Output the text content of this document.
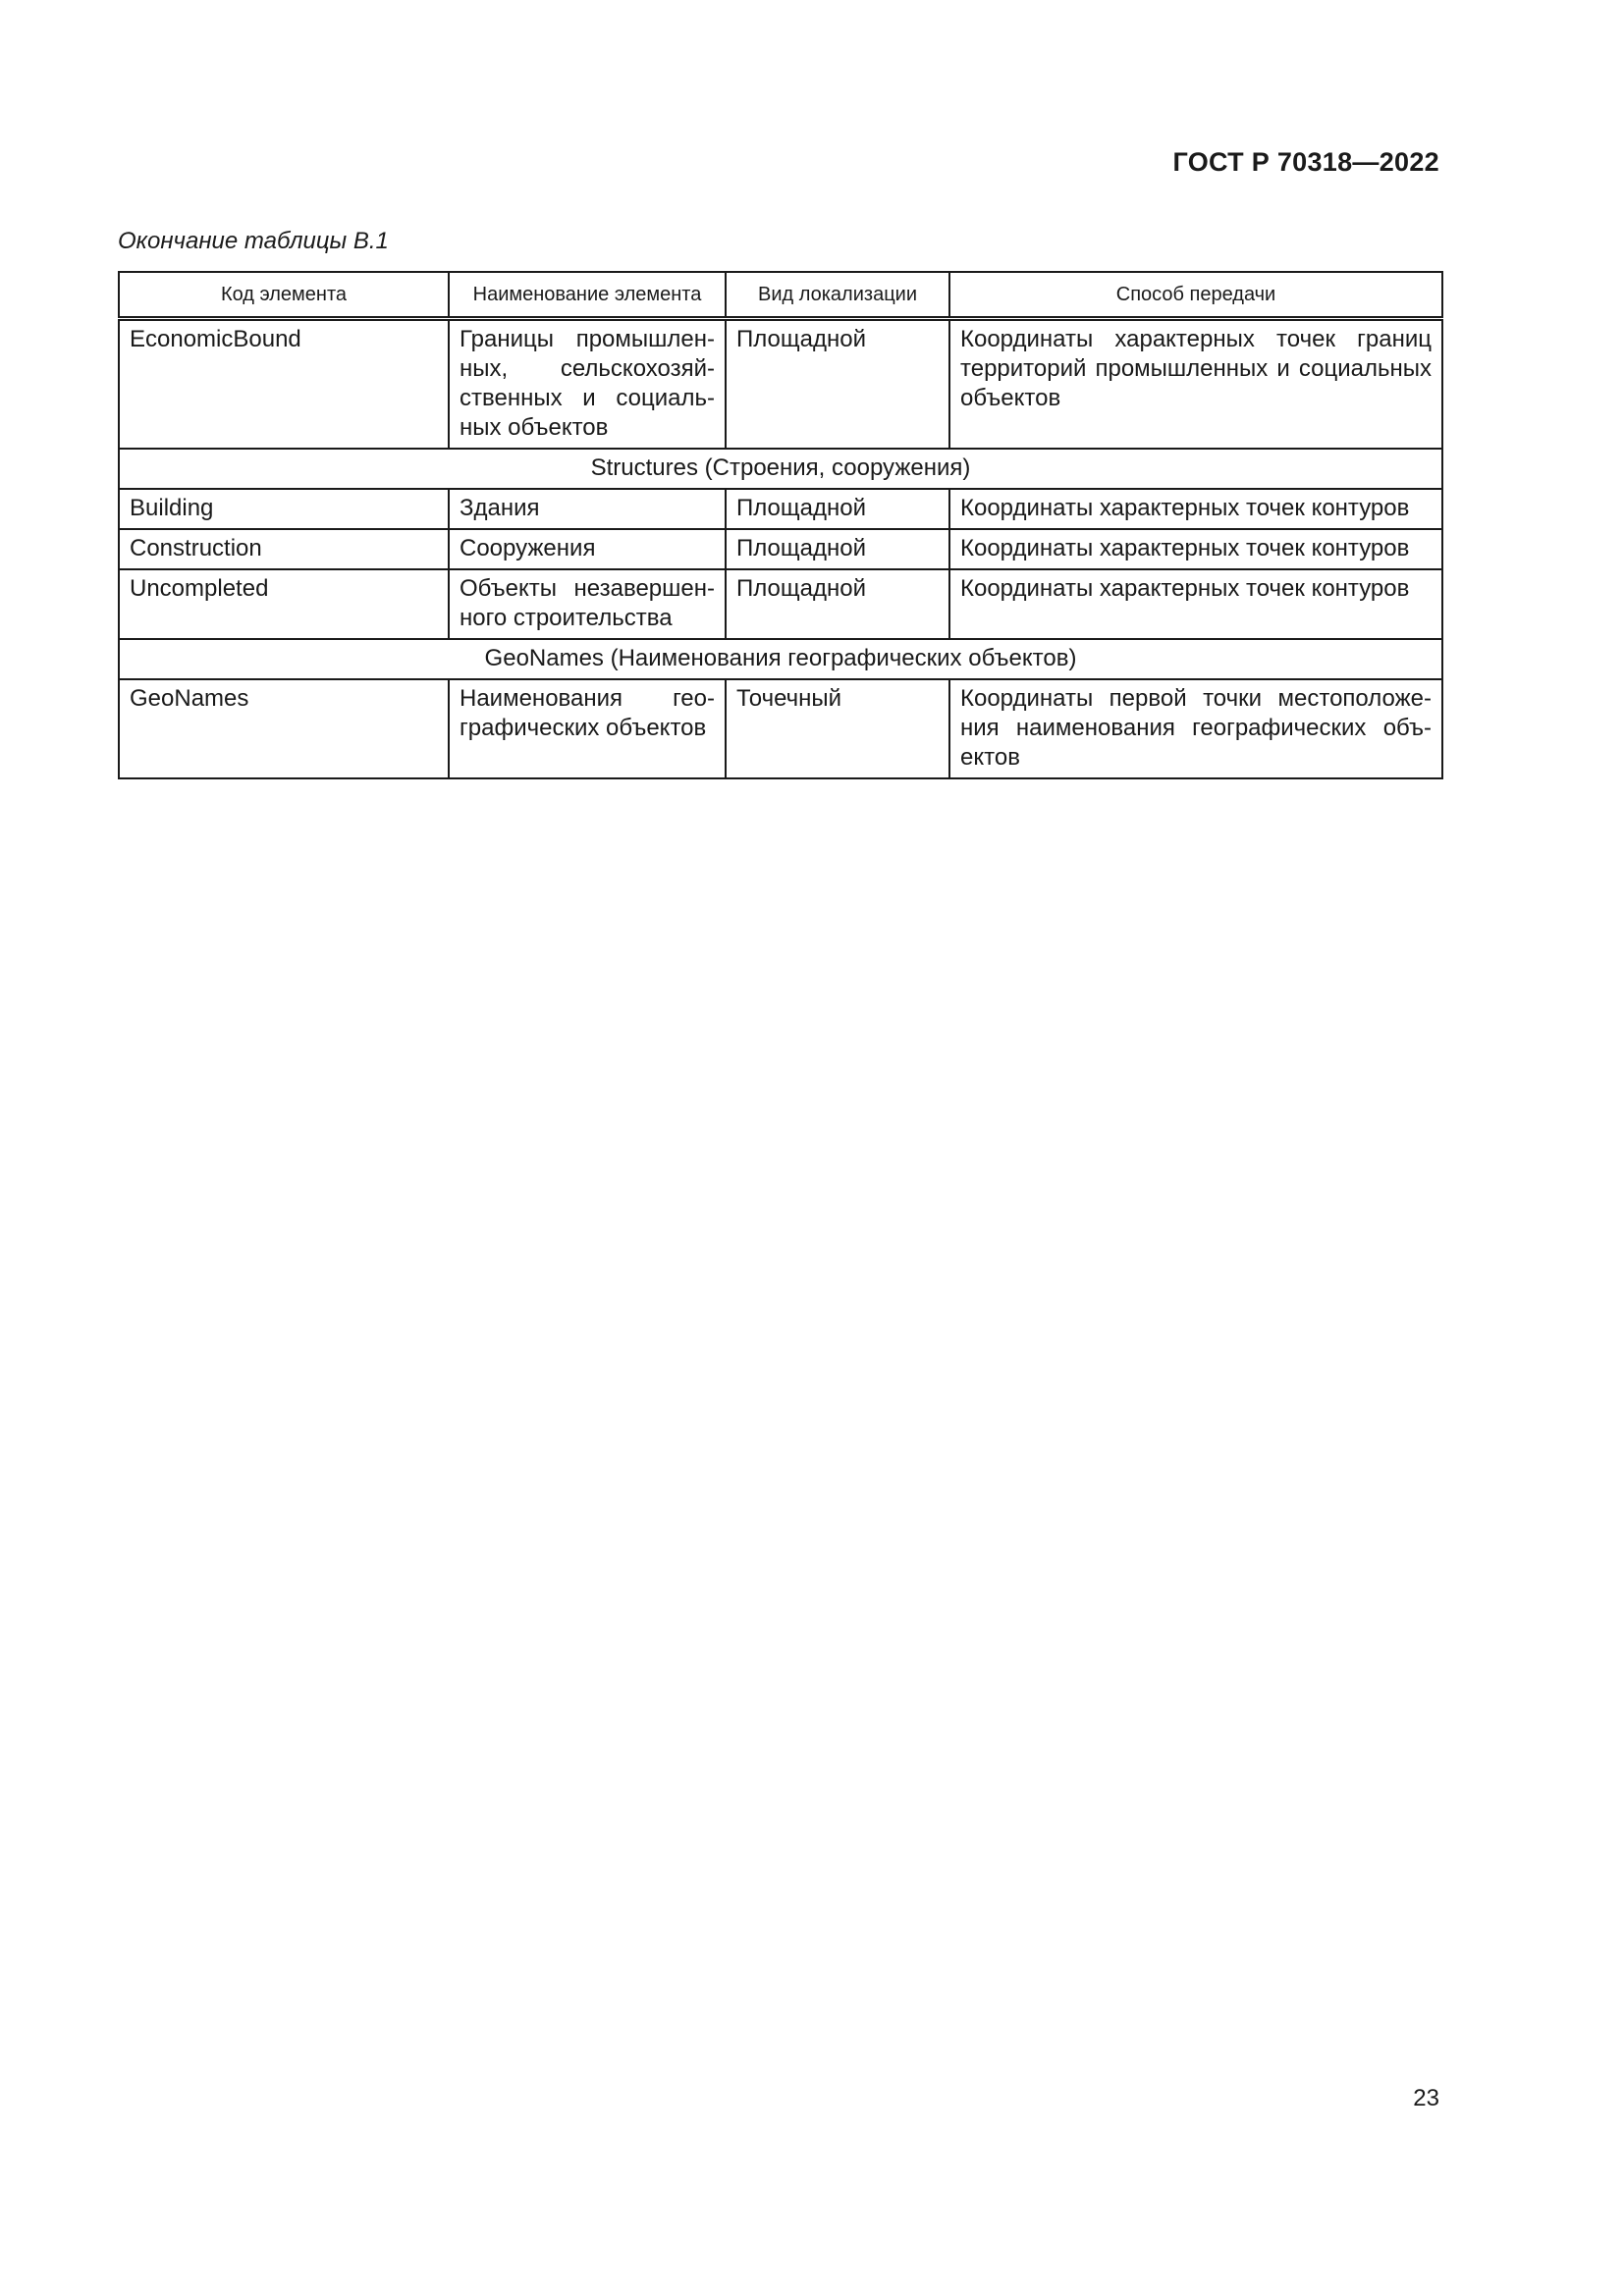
ГОСТ Р 70318—2022
Окончание таблицы В.1
Код элемента	Наименование элемента	Вид локализации	Способ передачи
EconomicBound	Границы промышленных, сельскохозяйственных и социальных объектов	Площадной	Координаты характерных точек границ территорий промышленных и социальных объектов
Structures (Строения, сооружения)			
Building	Здания	Площадной	Координаты характерных точек контуров
Construction	Сооружения	Площадной	Координаты характерных точек контуров
Uncompleted	Объекты незавершенного строительства	Площадной	Координаты характерных точек контуров
GeoNames (Наименования географических объектов)			
GeoNames	Наименования географических объектов	Точечный	Координаты первой точки местоположения наименования географических объектов
23
